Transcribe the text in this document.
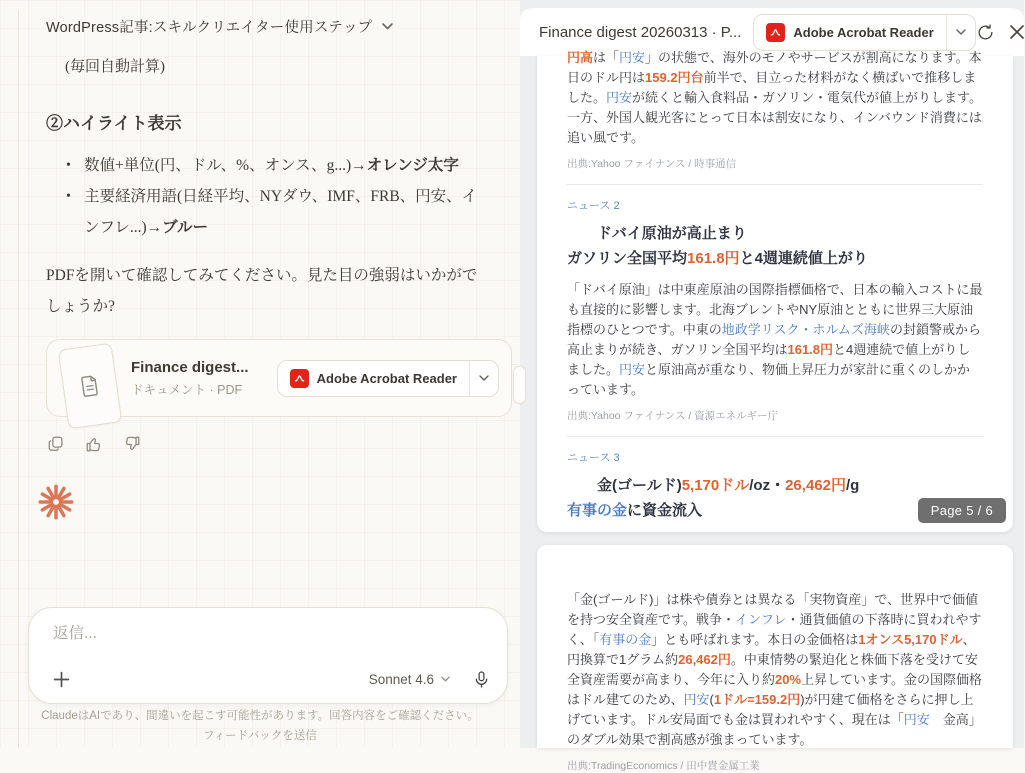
WordPress記事:スキルクリエイター使用ステップ
(毎回自動計算)
②ハイライト表示
• 数値+単位(円、ドル、%、オンス、g...)→オレンジ太字
• 主要経済用語(日経平均、NYダウ、IMF、FRB、円安、インフレ...)→ブルー
PDFを開いて確認してみてください。見た目の強弱はいかがでしょうか?
Finance digest...
ドキュメント · PDF
Adobe Acrobat Reader
返信...
Sonnet 4.6
ClaudeはAIであり、間違いを起こす可能性があります。回答内容をご確認ください。
フィードバックを送信
Finance digest 20260313 · P...	Adobe Acrobat Reader

円高は「円安」の状態で、海外のモノやサービスが割高になります。本日のドル円は159.2円台前半で、目立った材料がなく横ばいで推移しました。円安が続くと輸入食料品・ガソリン・電気代が値上がりします。一方、外国人観光客にとって日本は割安になり、インバウンド消費には追い風です。

出典:Yahoo ファイナンス / 時事通信
ニュース 2

ドバイ原油が高止まり

ガソリン全国平均161.8円と4週連続値上がり

「ドバイ原油」は中東産原油の国際指標価格で、日本の輸入コストに最も直接的に影響します。北海ブレントやNY原油とともに世界三大原油指標のひとつです。中東の地政学リスク・ホルムズ海峡の封鎖警戒から高止まりが続き、ガソリン全国平均は161.8円と4週連続で値上がりしました。円安と原油高が重なり、物価上昇圧力が家計に重くのしかかっています。

出典:Yahoo ファイナンス / 資源エネルギー庁
ニュース 3

金(ゴールド)5,170ドル/oz・26,462円/g

有事の金に資金流入	Page 5 / 6

「金(ゴールド)」は株や債券とは異なる「実物資産」で、世界中で価値を持つ安全資産です。戦争・インフレ・通貨価値の下落時に買われやすく、「有事の金」とも呼ばれます。本日の金価格は1オンス5,170ドル、円換算で1グラム約26,462円。中東情勢の緊迫化と株価下落を受けて安全資産需要が高まり、今年に入り約20%上昇しています。金の国際価格はドル建てのため、円安(1ドル=159.2円)が円建て価格をさらに押し上げています。ドル安局面でも金は買われやすく、現在は「円安　金高」のダブル効果で割高感が強まっています。

出典:TradingEconomics / 田中貴金属工業
